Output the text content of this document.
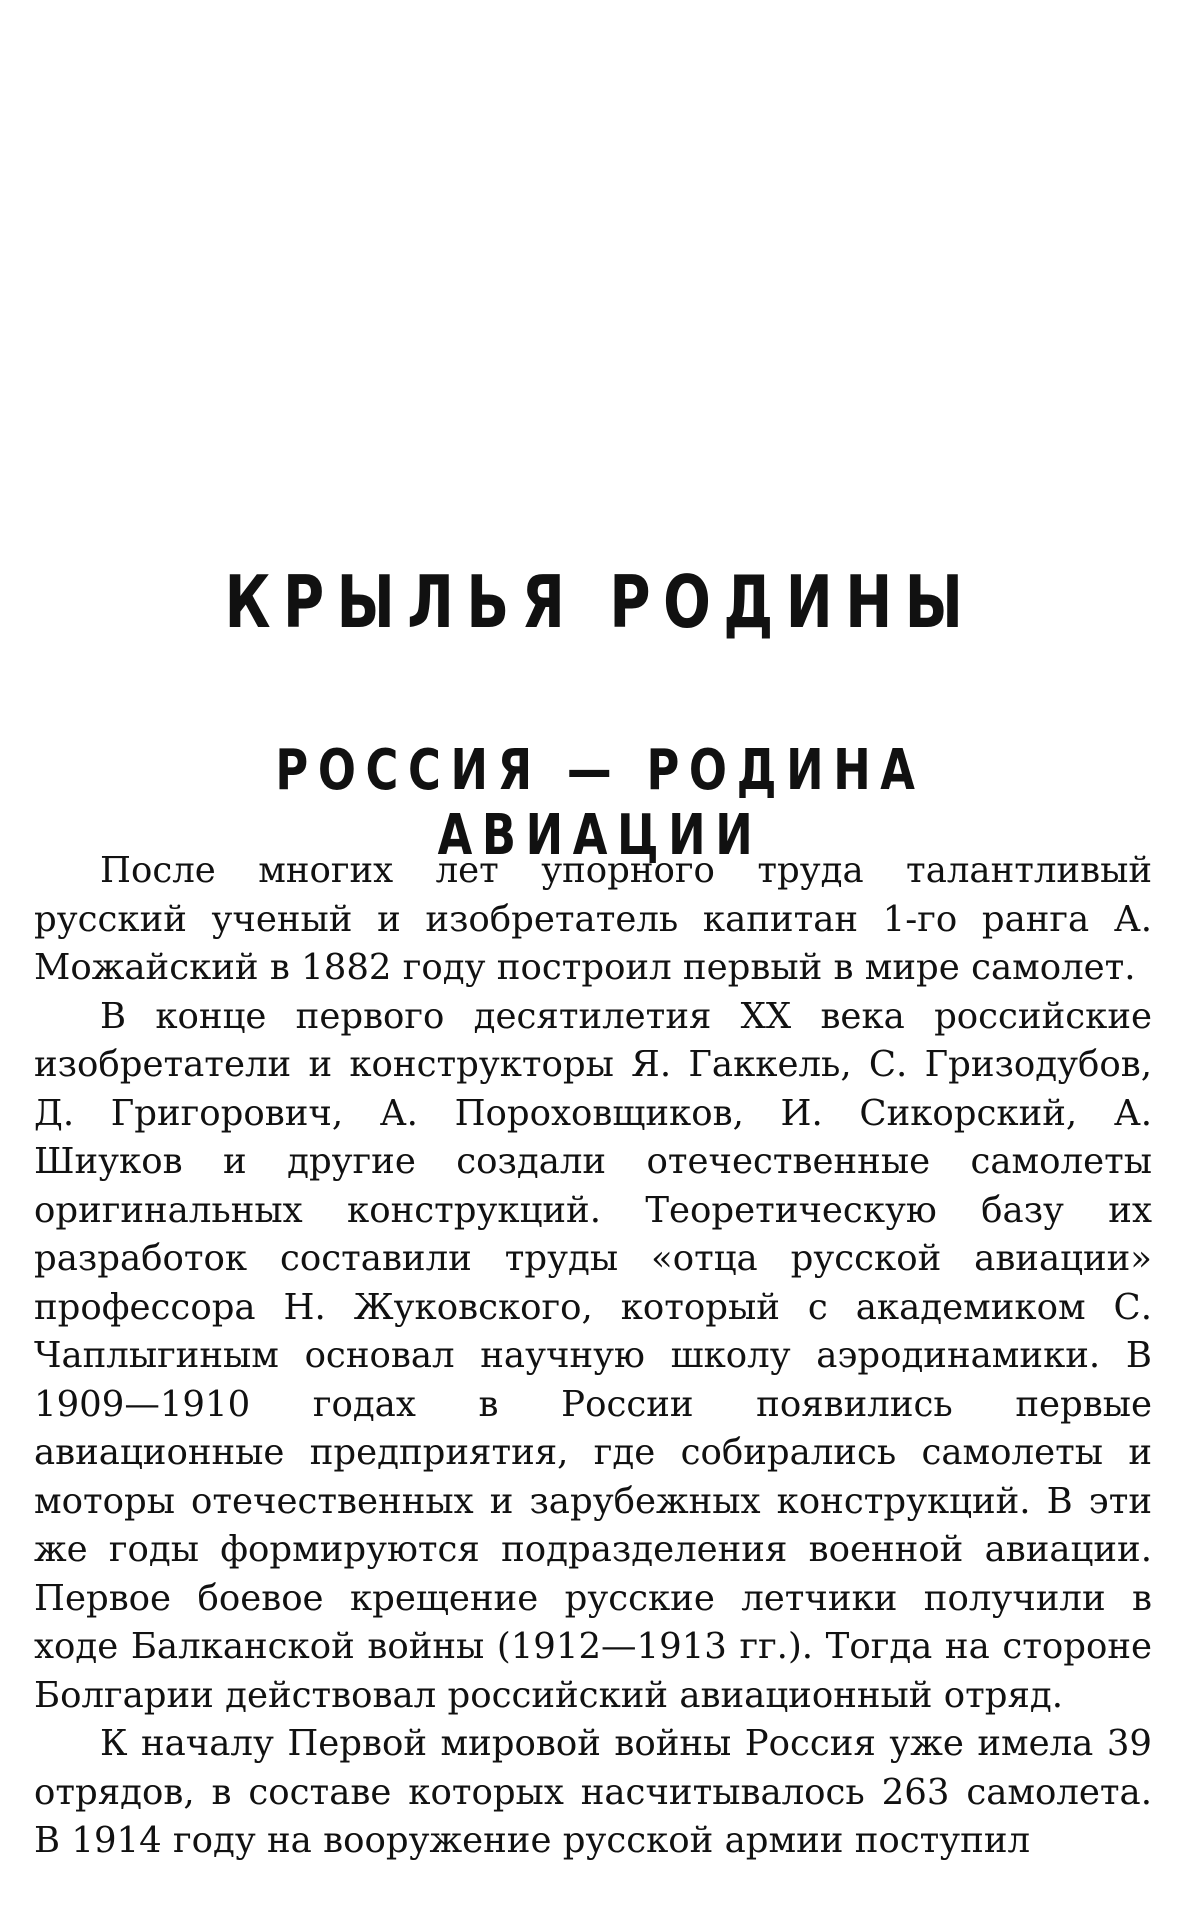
КРЫЛЬЯ РОДИНЫ
РОССИЯ — РОДИНА АВИАЦИИ

После многих лет упорного труда талантливый русский ученый и изобретатель капитан 1-го ранга А. Можайский в 1882 году построил первый в мире самолет.

В конце первого десятилетия XX века российские изобретатели и конструкторы Я. Гаккель, С. Гризодубов, Д. Григорович, А. Пороховщиков, И. Сикорский, А. Шиуков и другие создали отечественные самолеты оригинальных конструкций. Теоретическую базу их разработок составили труды «отца русской авиации» профессора Н. Жуковского, который с академиком С. Чаплыгиным основал научную школу аэродинамики. В 1909—1910 годах в России появились первые авиационные предприятия, где собирались самолеты и моторы отечественных и зарубежных конструкций. В эти же годы формируются подразделения военной авиации. Первое боевое крещение русские летчики получили в ходе Балканской войны (1912—1913 гг.). Тогда на стороне Болгарии действовал российский авиационный отряд.

К началу Первой мировой войны Россия уже имела 39 отрядов, в составе которых насчитывалось 263 самолета. В 1914 году на вооружение русской армии поступил
